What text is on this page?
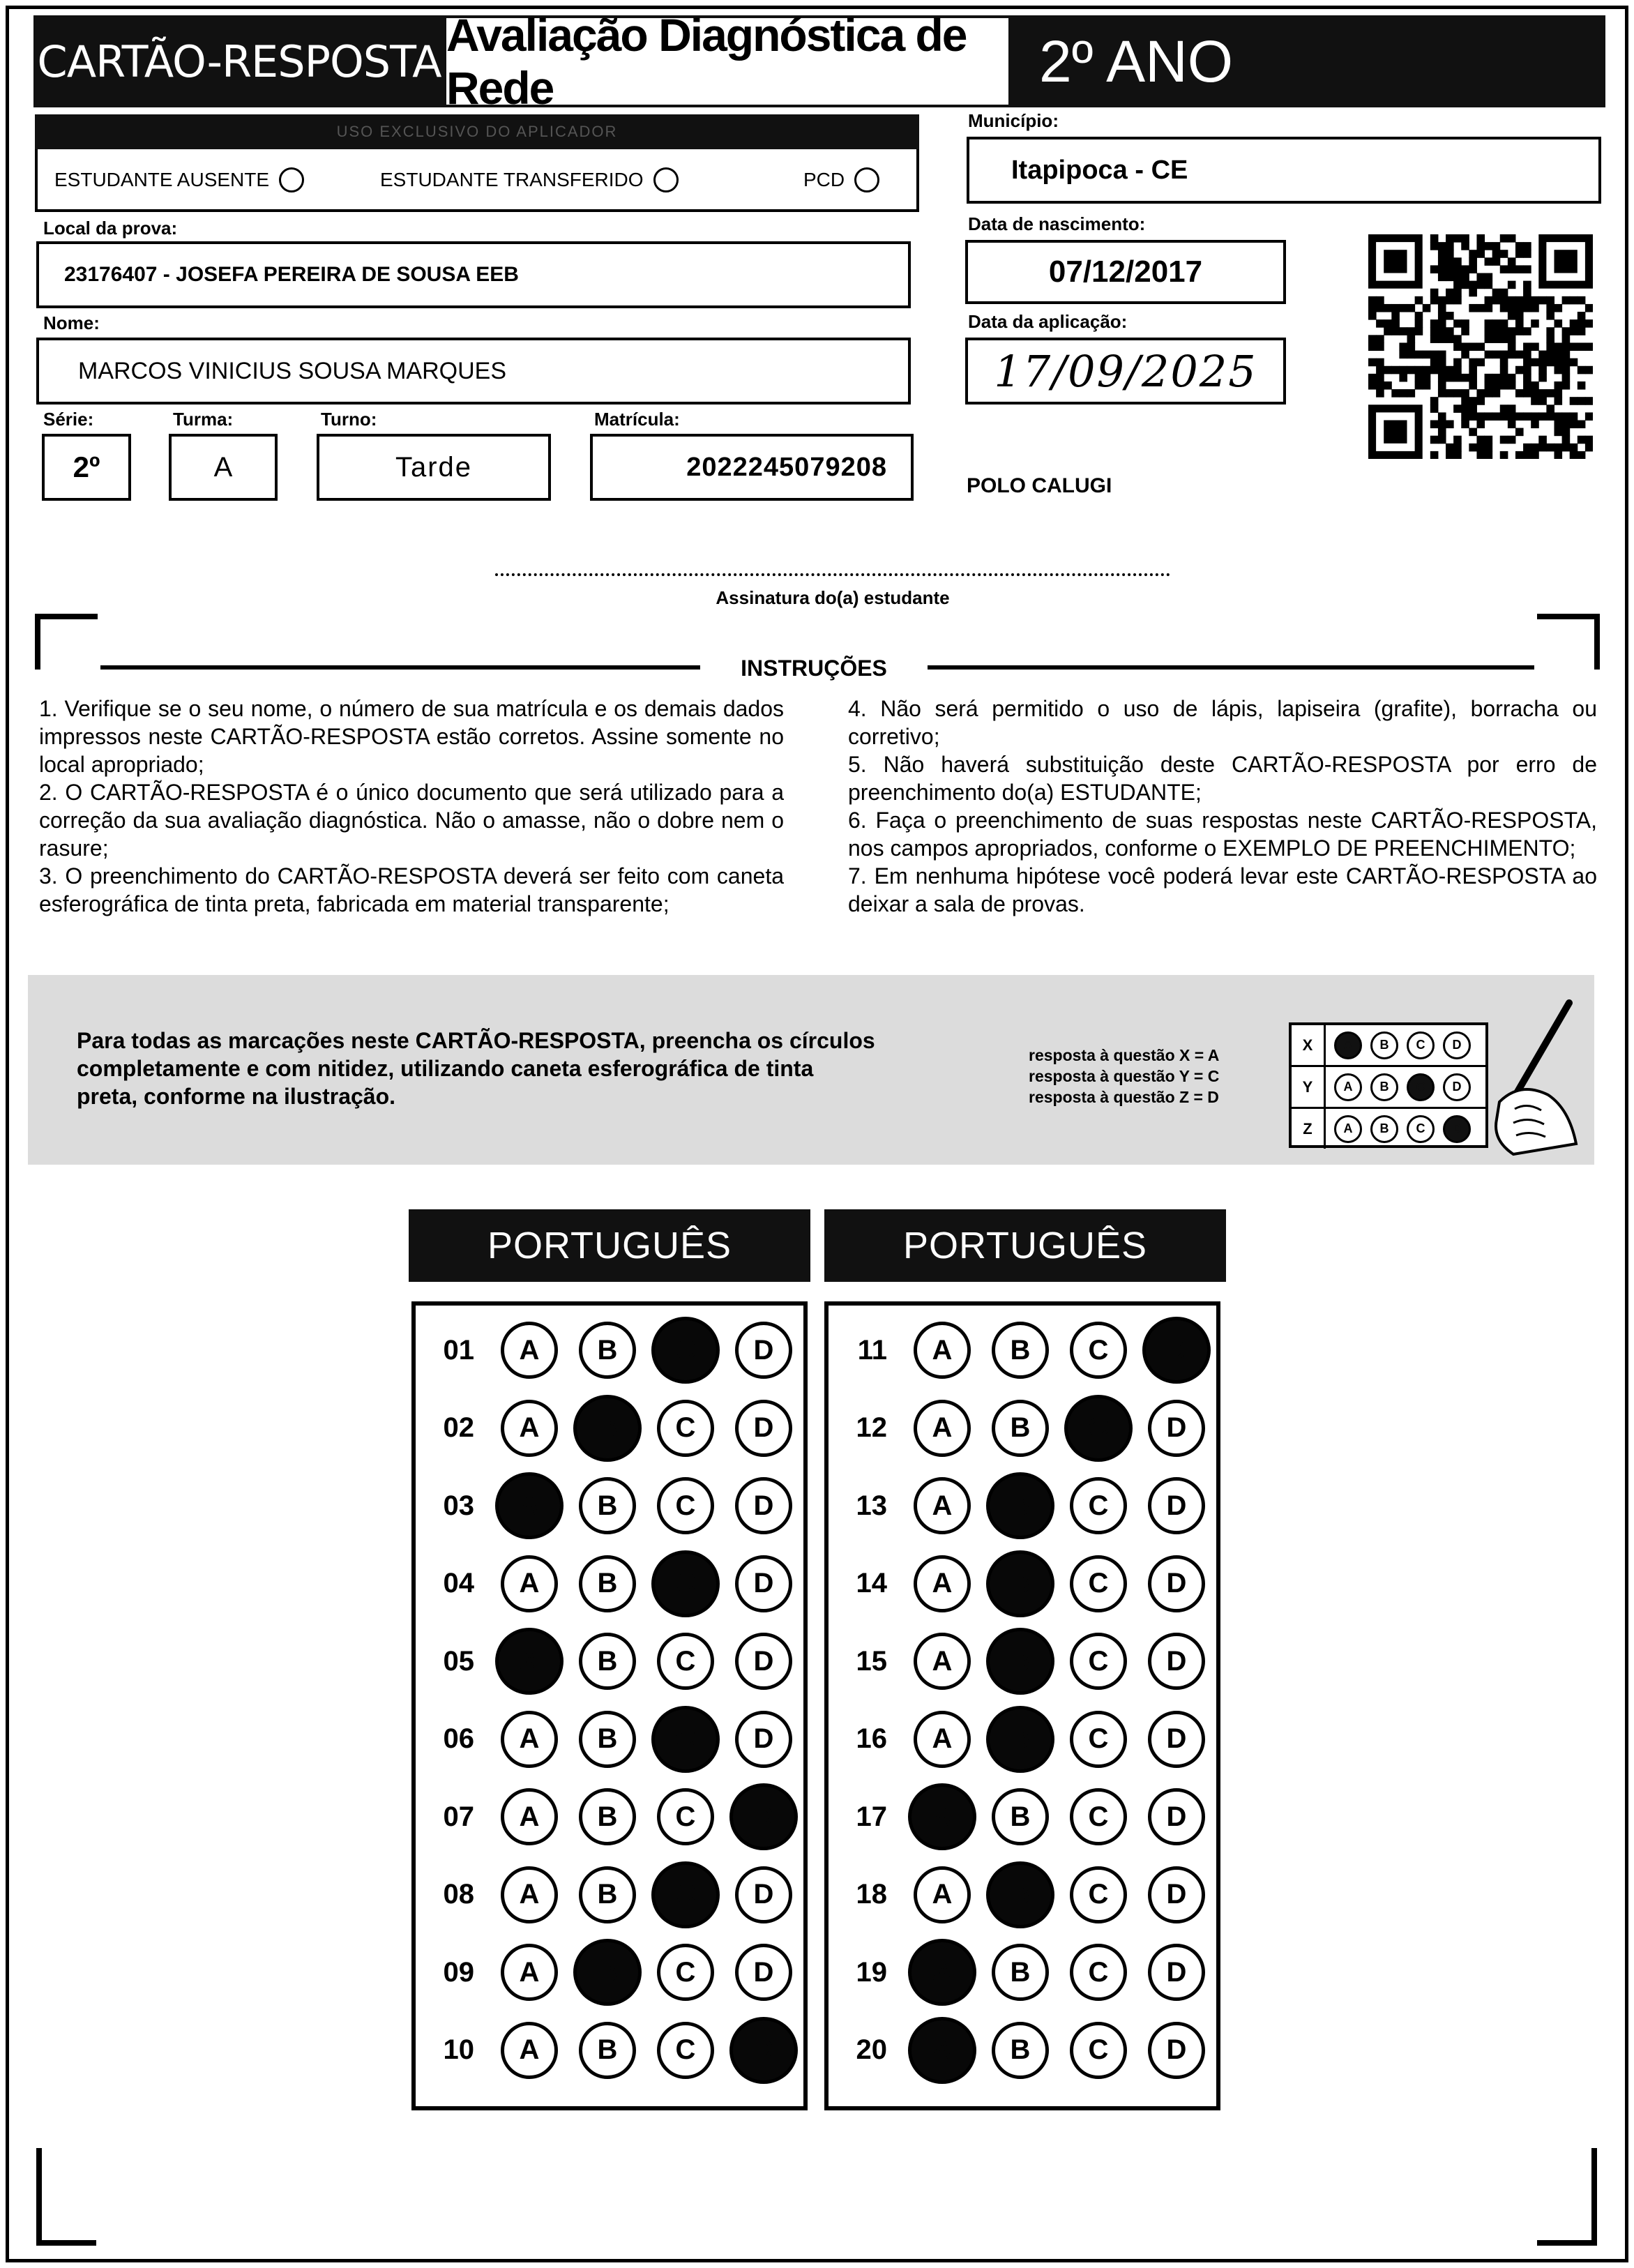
CARTÃO-RESPOSTA
Avaliação Diagnóstica de Rede	2º ANO
USO EXCLUSIVO DO APLICADOR
ESTUDANTE AUSENTE	ESTUDANTE TRANSFERIDO	PCD
Município:
Itapipoca - CE
Local da prova:
23176407 - JOSEFA PEREIRA DE SOUSA EEB
Data de nascimento:
07/12/2017
Data da aplicação:
17/09/2025
Nome:
MARCOS VINICIUS SOUSA MARQUES
Série:
2º
Turma:
A
Turno:
Tarde
Matrícula:
2022245079208
POLO CALUGI
Assinatura do(a) estudante
INSTRUÇÕES

1. Verifique se o seu nome, o número de sua matrícula e os demais dados impressos neste CARTÃO-RESPOSTA estão corretos. Assine somente no local apropriado;

2. O CARTÃO-RESPOSTA é o único documento que será utilizado para a correção da sua avaliação diagnóstica. Não o amasse, não o dobre nem o rasure;

3. O preenchimento do CARTÃO-RESPOSTA deverá ser feito com caneta esferográfica de tinta preta, fabricada em material transparente;

4. Não será permitido o uso de lápis, lapiseira (grafite), borracha ou corretivo;

5. Não haverá substituição deste CARTÃO-RESPOSTA por erro de preenchimento do(a) ESTUDANTE;

6. Faça o preenchimento de suas respostas neste CARTÃO-RESPOSTA, nos campos apropriados, conforme o EXEMPLO DE PREENCHIMENTO;

7. Em nenhuma hipótese você poderá levar este CARTÃO-RESPOSTA ao deixar a sala de provas.

Para todas as marcações neste CARTÃO-RESPOSTA, preencha os círculos completamente e com nitidez, utilizando caneta esferográfica de tinta preta, conforme na ilustração.
resposta à questão X = A
resposta à questão Y = C
resposta à questão Z = D
X	A	B	C	D
Y	A	B	C	D
Z	A	B	C	D
PORTUGUÊS	PORTUGUÊS
01	A	B	C	D
02	A	B	C	D
03	A	B	C	D
04	A	B	C	D
05	A	B	C	D
06	A	B	C	D
07	A	B	C	D
08	A	B	C	D
09	A	B	C	D
10	A	B	C	D
11	A	B	C	D
12	A	B	C	D
13	A	B	C	D
14	A	B	C	D
15	A	B	C	D
16	A	B	C	D
17	A	B	C	D
18	A	B	C	D
19	A	B	C	D
20	A	B	C	D
